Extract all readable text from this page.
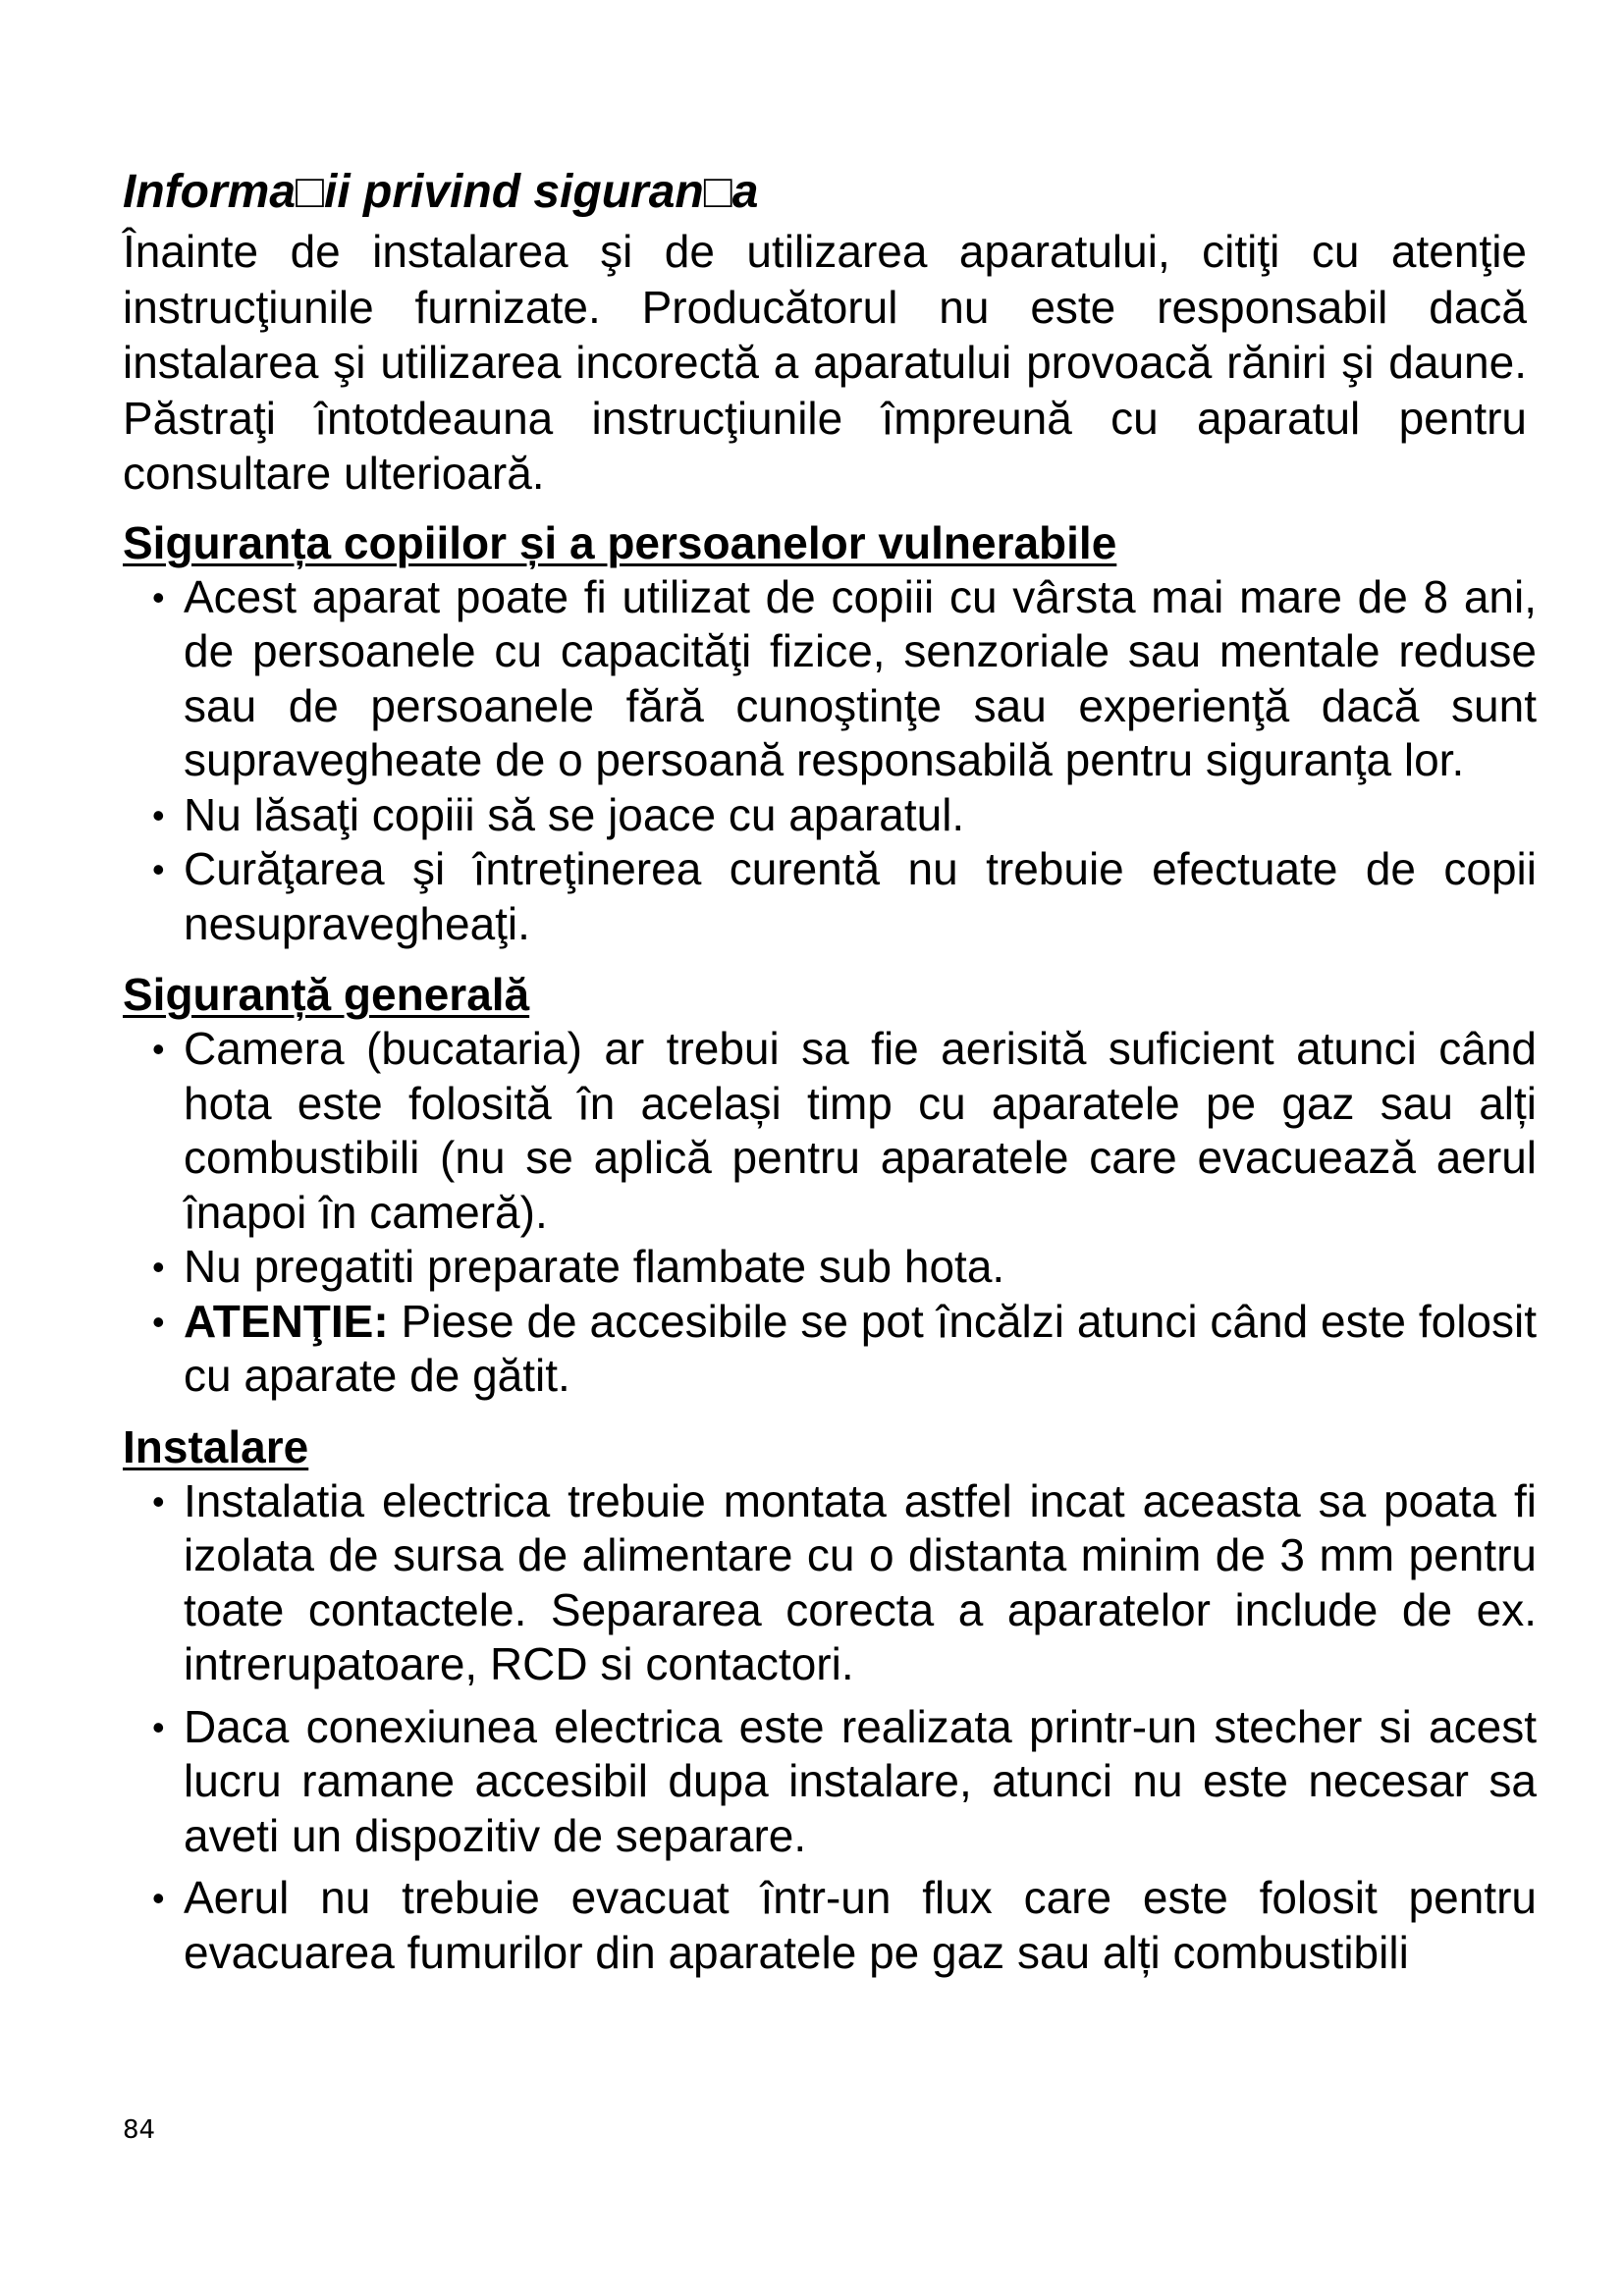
Informa□ii privind siguran□a

Înainte de instalarea şi de utilizarea aparatului, citiţi cu atenţie instrucţiunile furnizate. Producătorul nu este responsabil dacă instalarea şi utilizarea incorectă a aparatului provoacă răniri şi daune. Păstraţi întotdeauna instrucţiunile împreună cu aparatul pentru consultare ulterioară.

Siguranța copiilor și a persoanelor vulnerabile
• Acest aparat poate fi utilizat de copiii cu vârsta mai mare de 8 ani, de persoanele cu capacităţi fizice, senzoriale sau mentale reduse sau de persoanele fără cunoştinţe sau experienţă dacă sunt supravegheate de o persoană responsabilă pentru siguranţa lor.
• Nu lăsaţi copiii să se joace cu aparatul.
• Curăţarea şi întreţinerea curentă nu trebuie efectuate de copii nesupravegheaţi.
Siguranță generală
• Camera (bucataria) ar trebui sa fie aerisită suficient atunci când hota este folosită în același timp cu aparatele pe gaz sau alți combustibili (nu se aplică pentru aparatele care evacuează aerul înapoi în cameră).
• Nu pregatiti preparate flambate sub hota.
• ATENŢIE: Piese de accesibile se pot încălzi atunci când este folosit cu aparate de gătit.
Instalare
• Instalatia electrica trebuie montata astfel incat aceasta sa poata fi izolata de sursa de alimentare cu o distanta minim de 3 mm pentru toate contactele. Separarea corecta a aparatelor include de ex. intrerupatoare, RCD si contactori.
• Daca conexiunea electrica este realizata printr-un stecher si acest lucru ramane accesibil dupa instalare, atunci nu este necesar sa aveti un dispozitiv de separare.
• Aerul nu trebuie evacuat într-un flux care este folosit pentru evacuarea fumurilor din aparatele pe gaz sau alți combustibili
84
